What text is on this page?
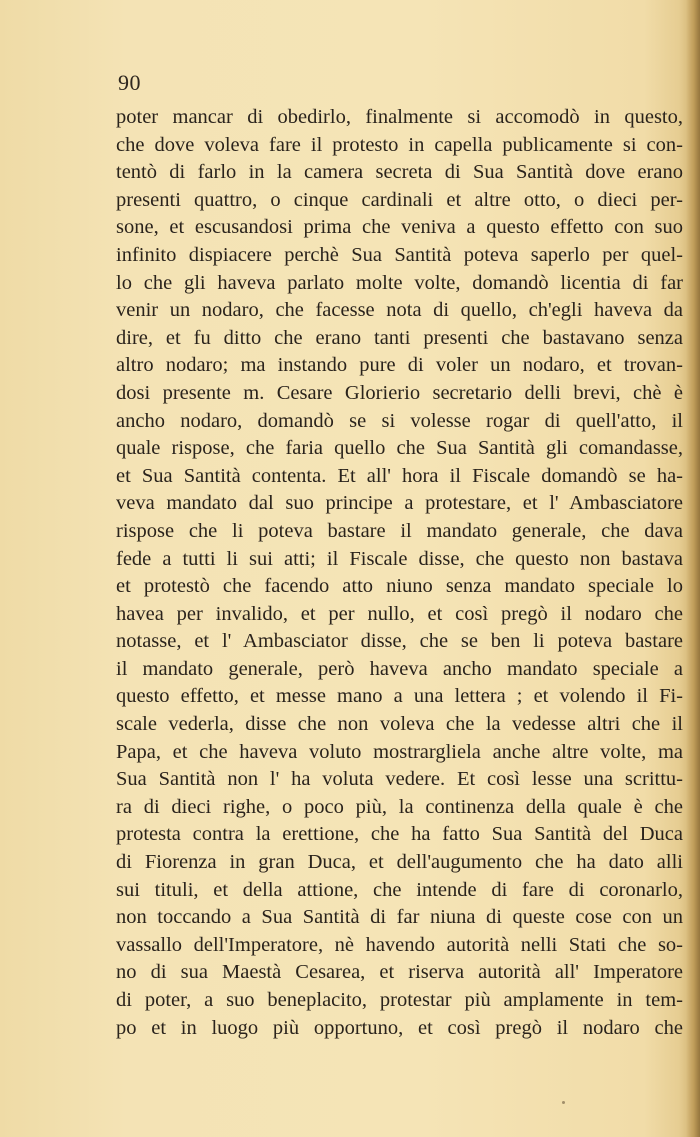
90
poter mancar di obedirlo, finalmente si accomodò in questo,
che dove voleva fare il protesto in capella publicamente si con-
tentò di farlo in la camera secreta di Sua Santità dove erano
presenti quattro, o cinque cardinali et altre otto, o dieci per-
sone, et escusandosi prima che veniva a questo effetto con suo
infinito dispiacere perchè Sua Santità poteva saperlo per quel-
lo che gli haveva parlato molte volte, domandò licentia di far
venir un nodaro, che facesse nota di quello, ch'egli haveva da
dire, et fu ditto che erano tanti presenti che bastavano senza
altro nodaro; ma instando pure di voler un nodaro, et trovan-
dosi presente m. Cesare Glorierio secretario delli brevi, chè è
ancho nodaro, domandò se si volesse rogar di quell'atto, il
quale rispose, che faria quello che Sua Santità gli comandasse,
et Sua Santità contenta. Et all' hora il Fiscale domandò se ha-
veva mandato dal suo principe a protestare, et l' Ambasciatore
rispose che li poteva bastare il mandato generale, che dava
fede a tutti li sui atti; il Fiscale disse, che questo non bastava
et protestò che facendo atto niuno senza mandato speciale lo
havea per invalido, et per nullo, et così pregò il nodaro che
notasse, et l' Ambasciator disse, che se ben li poteva bastare
il mandato generale, però haveva ancho mandato speciale a
questo effetto, et messe mano a una lettera ; et volendo il Fi-
scale vederla, disse che non voleva che la vedesse altri che il
Papa, et che haveva voluto mostrargliela anche altre volte, ma
Sua Santità non l' ha voluta vedere. Et così lesse una scrittu-
ra di dieci righe, o poco più, la continenza della quale è che
protesta contra la erettione, che ha fatto Sua Santità del Duca
di Fiorenza in gran Duca, et dell'augumento che ha dato alli
sui tituli, et della attione, che intende di fare di coronarlo,
non toccando a Sua Santità di far niuna di queste cose con un
vassallo dell'Imperatore, nè havendo autorità nelli Stati che so-
no di sua Maestà Cesarea, et riserva autorità all' Imperatore
di poter, a suo beneplacito, protestar più amplamente in tem-
po et in luogo più opportuno, et così pregò il nodaro che
